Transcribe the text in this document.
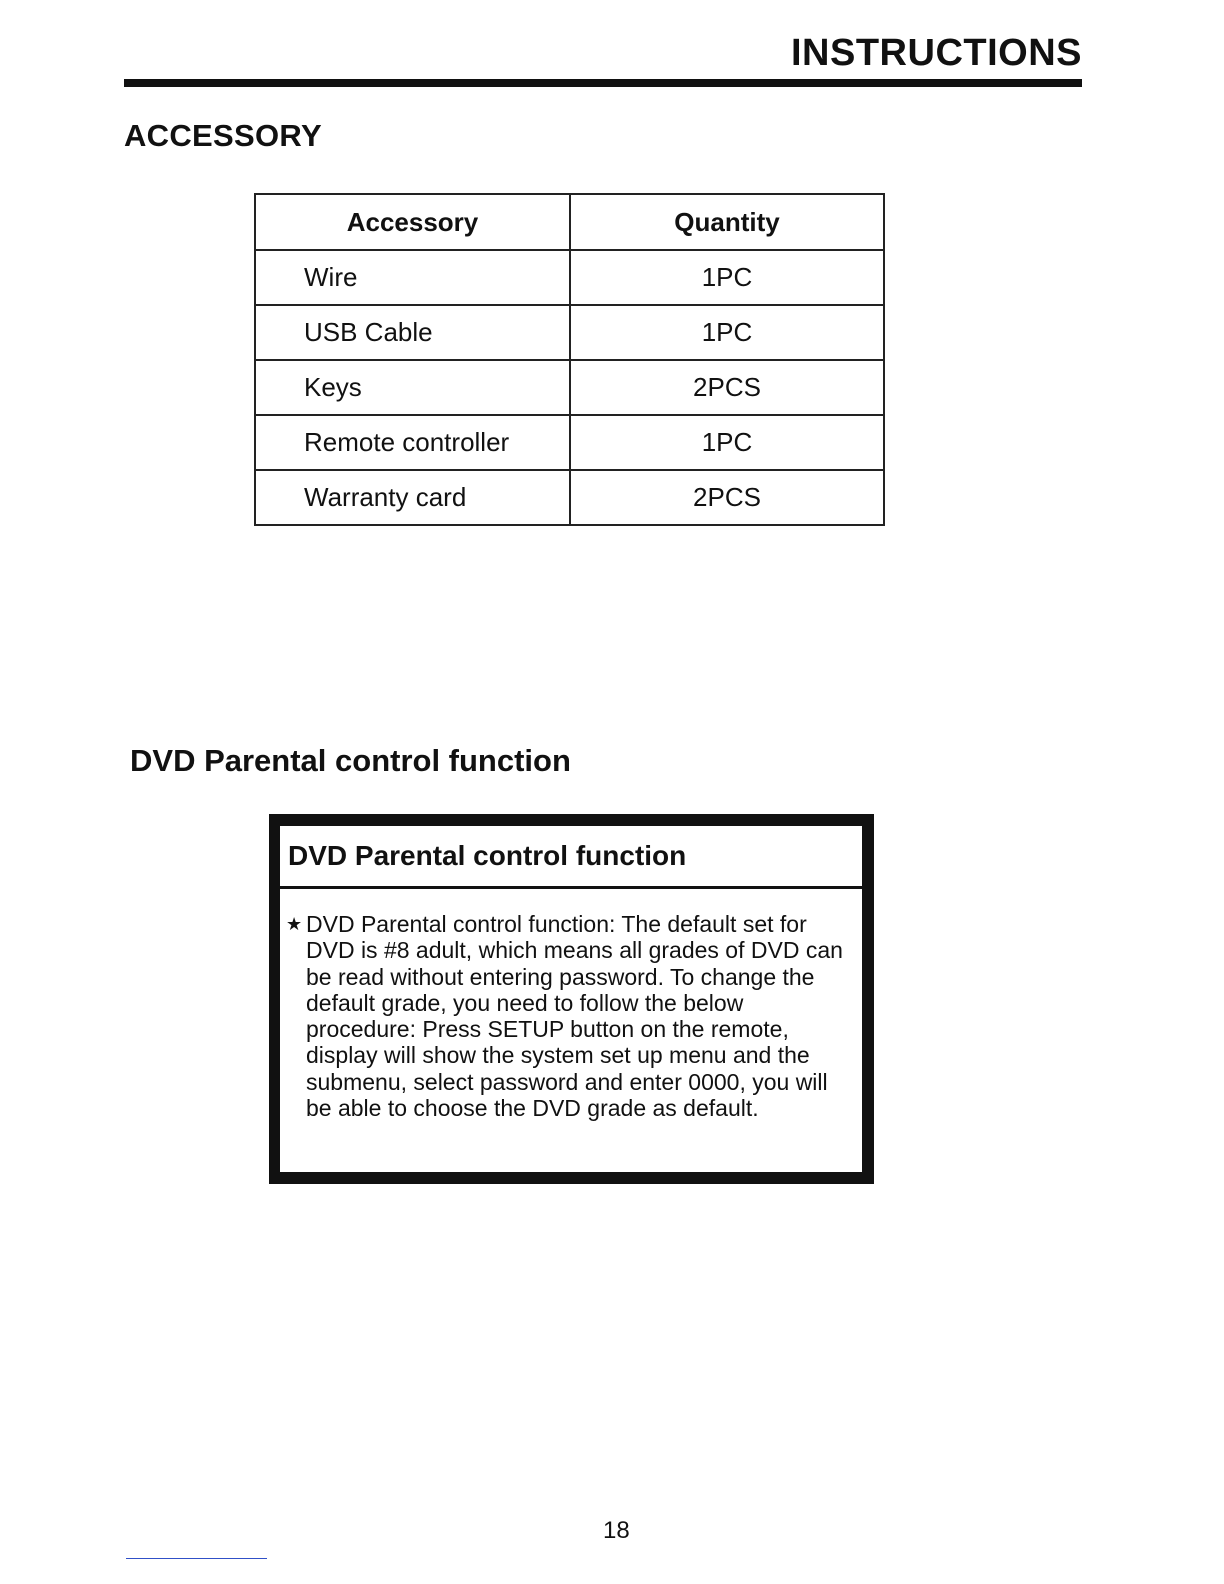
INSTRUCTIONS
ACCESSORY
Accessory	Quantity
Wire	1PC
USB Cable	1PC
Keys	2PCS
Remote controller	1PC
Warranty card	2PCS
DVD Parental control function
DVD Parental control function
★ DVD Parental control function: The default set for DVD is #8 adult, which means all grades of DVD can be read without entering password. To change the default grade, you need to follow the below procedure: Press SETUP button on the remote, display will show the system set up menu and the submenu, select password and enter 0000, you will be able to choose the DVD grade as default.
18
